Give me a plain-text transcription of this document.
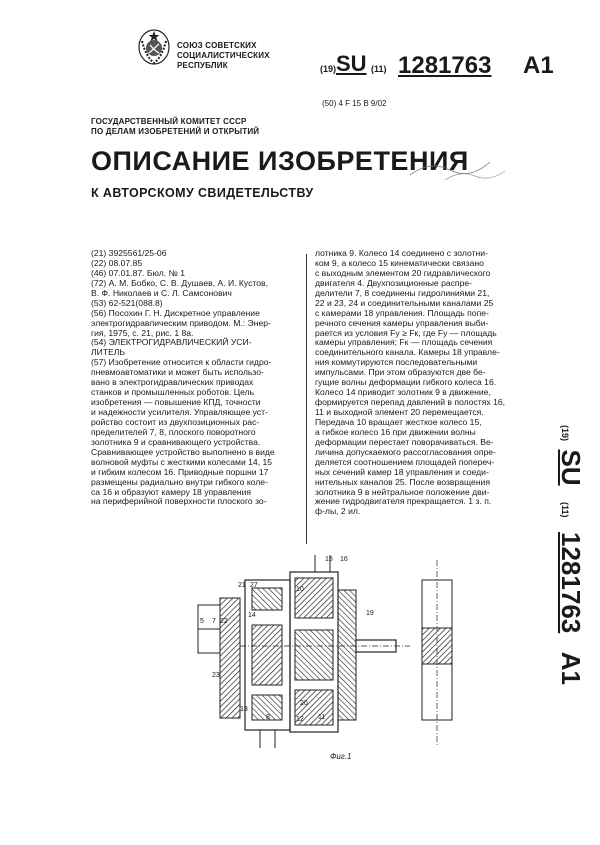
СОЮЗ СОВЕТСКИХ
СОЦИАЛИСТИЧЕСКИХ
РЕСПУБЛИК	(19) SU (11) 1281763 A1
(50) 4 F 15 B 9/02
ГОСУДАРСТВЕННЫЙ КОМИТЕТ СССР
ПО ДЕЛАМ ИЗОБРЕТЕНИЙ И ОТКРЫТИЙ
ОПИСАНИЕ ИЗОБРЕТЕНИЯ
К АВТОРСКОМУ СВИДЕТЕЛЬСТВУ
(21) 3925561/25-06
(22) 08.07.85
(46) 07.01.87. Бюл. № 1
(72) А. М. Бобко, С. В. Душаев, А. И. Кустов,
В. Ф. Николаев и С. Л. Самсонович
(53) 62-521(088.8)
(56) Посохин Г. Н. Дискретное управление
электрогидравлическим приводом. М.: Энер-
гия, 1975, с. 21, рис. 1 8а.
(54) ЭЛЕКТРОГИДРАВЛИЧЕСКИЙ УСИ-
ЛИТЕЛЬ
(57) Изобретение относится к области гидро-
пневмоавтоматики и может быть использо-
вано в электрогидравлических приводах
станков и промышленных роботов. Цель
изобретения — повышение КПД, точности
и надежности усилителя. Управляющее уст-
ройство состоит из двухпозиционных рас-
пределителей 7, 8, плоского поворотного
золотника 9 и сравнивающего устройства.
Сравнивающее устройство выполнено в виде
волновой муфты с жесткими колесами 14, 15
и гибким колесом 16. Приводные поршни 17
размещены радиально внутри гибкого коле-
са 16 и образуют камеру 18 управления
на периферийной поверхности плоского зо-
лотника 9. Колесо 14 соединено с золотни-
ком 9, а колесо 15 кинематически связано
с выходным элементом 20 гидравлического
двигателя 4. Двухпозиционные распре-
делители 7, 8 соединены гидролиниями 21,
22 и 23, 24 и соединительными каналами 25
с камерами 18 управления. Площадь попе-
речного сечения камеры управления выби-
рается из условия Fy ≥ Fк, где Fy — площадь
камеры управления; Fк — площадь сечения
соединительного канала. Камеры 18 управле-
ния коммутируются последовательными
импульсами. При этом образуются две бе-
гущие волны деформации гибкого колеса 16.
Колесо 14 приводит золотник 9 в движение,
формируется перепад давлений в полостях 16,
11 и выходной элемент 20 перемещается.
Передача 10 вращает жесткое колесо 15,
а гибкое колесо 16 при движении волны
деформации перестает поворачиваться. Ве-
личина допускаемого рассогласования опре-
деляется соотношением площадей попереч-
ных сечений камер 18 управления и соеди-
нительных каналов 25. После возвращения
золотника 9 в нейтральное положение дви-
жение гидродвигателя прекращается. 1 з. п.
ф-лы, 2 ил.
(19) SU (11) 1281763 A1
15 16
5 7 22
21 27
10
19
14
23
13
20
8	11
12
Фиг.1
